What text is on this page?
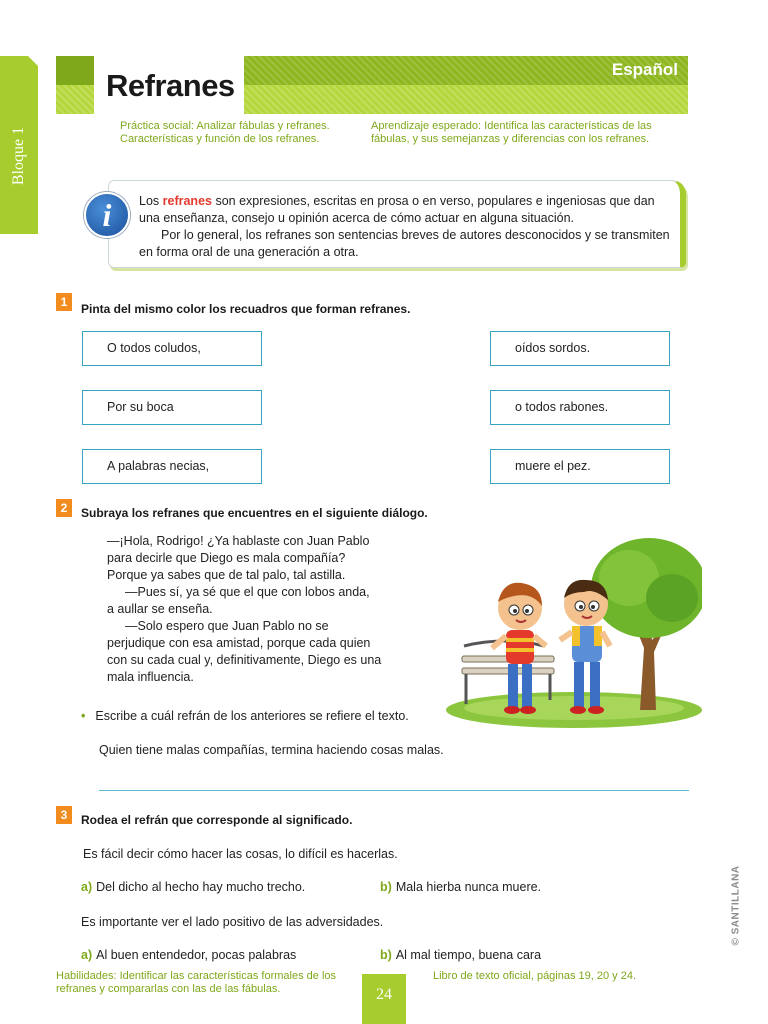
Bloque 1
Refranes	Español
Práctica social: Analizar fábulas y refranes. Características y función de los refranes.
Aprendizaje esperado: Identifica las características de las fábulas, y sus semejanzas y diferencias con los refranes.

Los refranes son expresiones, escritas en prosa o en verso, populares e ingeniosas que dan una enseñanza, consejo u opinión acerca de cómo actuar en alguna situación.

Por lo general, los refranes son sentencias breves de autores desconocidos y se transmiten en forma oral de una generación a otra.

i
1	Pinta del mismo color los recuadros que forman refranes.
O todos coludos,
Por su boca
A palabras necias,
oídos sordos.
o todos rabones.
muere el pez.
2	Subraya los refranes que encuentres en el siguiente diálogo.

—¡Hola, Rodrigo! ¿Ya hablaste con Juan Pablo

para decirle que Diego es mala compañía?

Porque ya sabes que de tal palo, tal astilla.

—Pues sí, ya sé que el que con lobos anda,

a aullar se enseña.

—Solo espero que Juan Pablo no se

perjudique con esa amistad, porque cada quien

con su cada cual y, definitivamente, Diego es una

mala influencia.

• Escribe a cuál refrán de los anteriores se refiere el texto.
Quien tiene malas compañías, termina haciendo cosas malas.
3	Rodea el refrán que corresponde al significado.
Es fácil decir cómo hacer las cosas, lo difícil es hacerlas.
a) Del dicho al hecho hay mucho trecho.	b) Mala hierba nunca muere.
Es importante ver el lado positivo de las adversidades.
a) Al buen entendedor, pocas palabras	b) Al mal tiempo, buena cara
Habilidades: Identificar las características formales de los refranes y compararlas con las de las fábulas.
Libro de texto oficial, páginas 19, 20 y 24.
24
© SANTILLANA
